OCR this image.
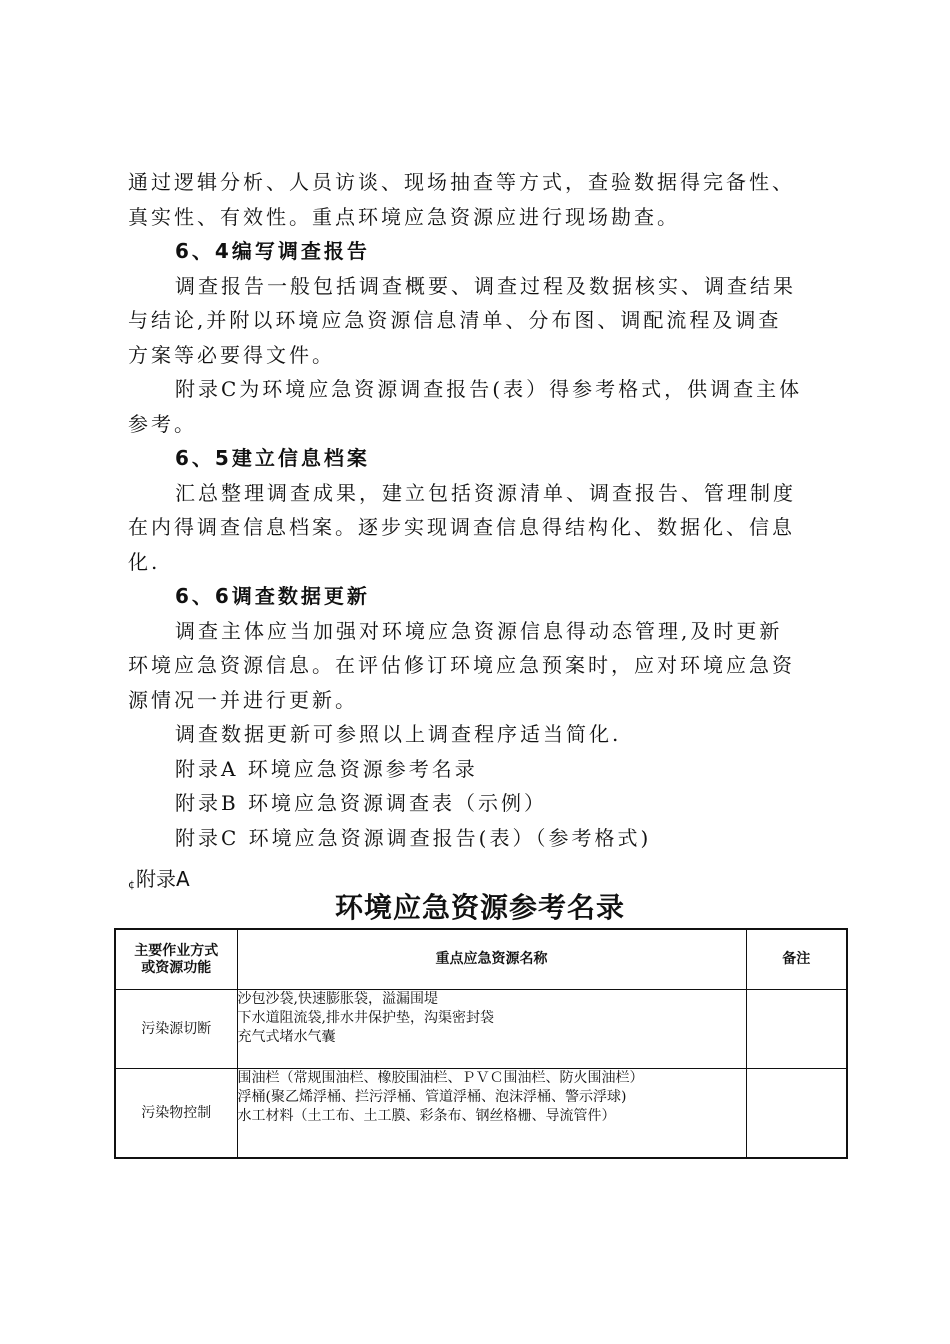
通过逻辑分析、人员访谈、现场抽查等方式，查验数据得完备性、
真实性、有效性。重点环境应急资源应进行现场勘查。
6、4编写调查报告
调查报告一般包括调查概要、调查过程及数据核实、调查结果
与结论,并附以环境应急资源信息清单、分布图、调配流程及调查
方案等必要得文件。
附录C为环境应急资源调查报告(表）得参考格式，供调查主体
参考。
6、5建立信息档案
汇总整理调查成果，建立包括资源清单、调查报告、管理制度
在内得调查信息档案。逐步实现调查信息得结构化、数据化、信息
化.
6、6调查数据更新
调查主体应当加强对环境应急资源信息得动态管理,及时更新
环境应急资源信息。在评估修订环境应急预案时，应对环境应急资
源情况一并进行更新。
调查数据更新可参照以上调查程序适当简化.
附录A 环境应急资源参考名录
附录B 环境应急资源调查表（示例）
附录C 环境应急资源调查报告(表）（参考格式)
¢附录A
环境应急资源参考名录
主要作业方式
或资源功能	重点应急资源名称	备注
污染源切断	沙包沙袋,快速膨胀袋，溢漏围堤
下水道阻流袋,排水井保护垫，沟渠密封袋
充气式堵水气囊	

污染物控制	围油栏（常规围油栏、橡胶围油栏、ＰＶＣ围油栏、防火围油栏）
浮桶(聚乙烯浮桶、拦污浮桶、管道浮桶、泡沫浮桶、警示浮球)
水工材料（土工布、土工膜、彩条布、钢丝格栅、导流管件）	
